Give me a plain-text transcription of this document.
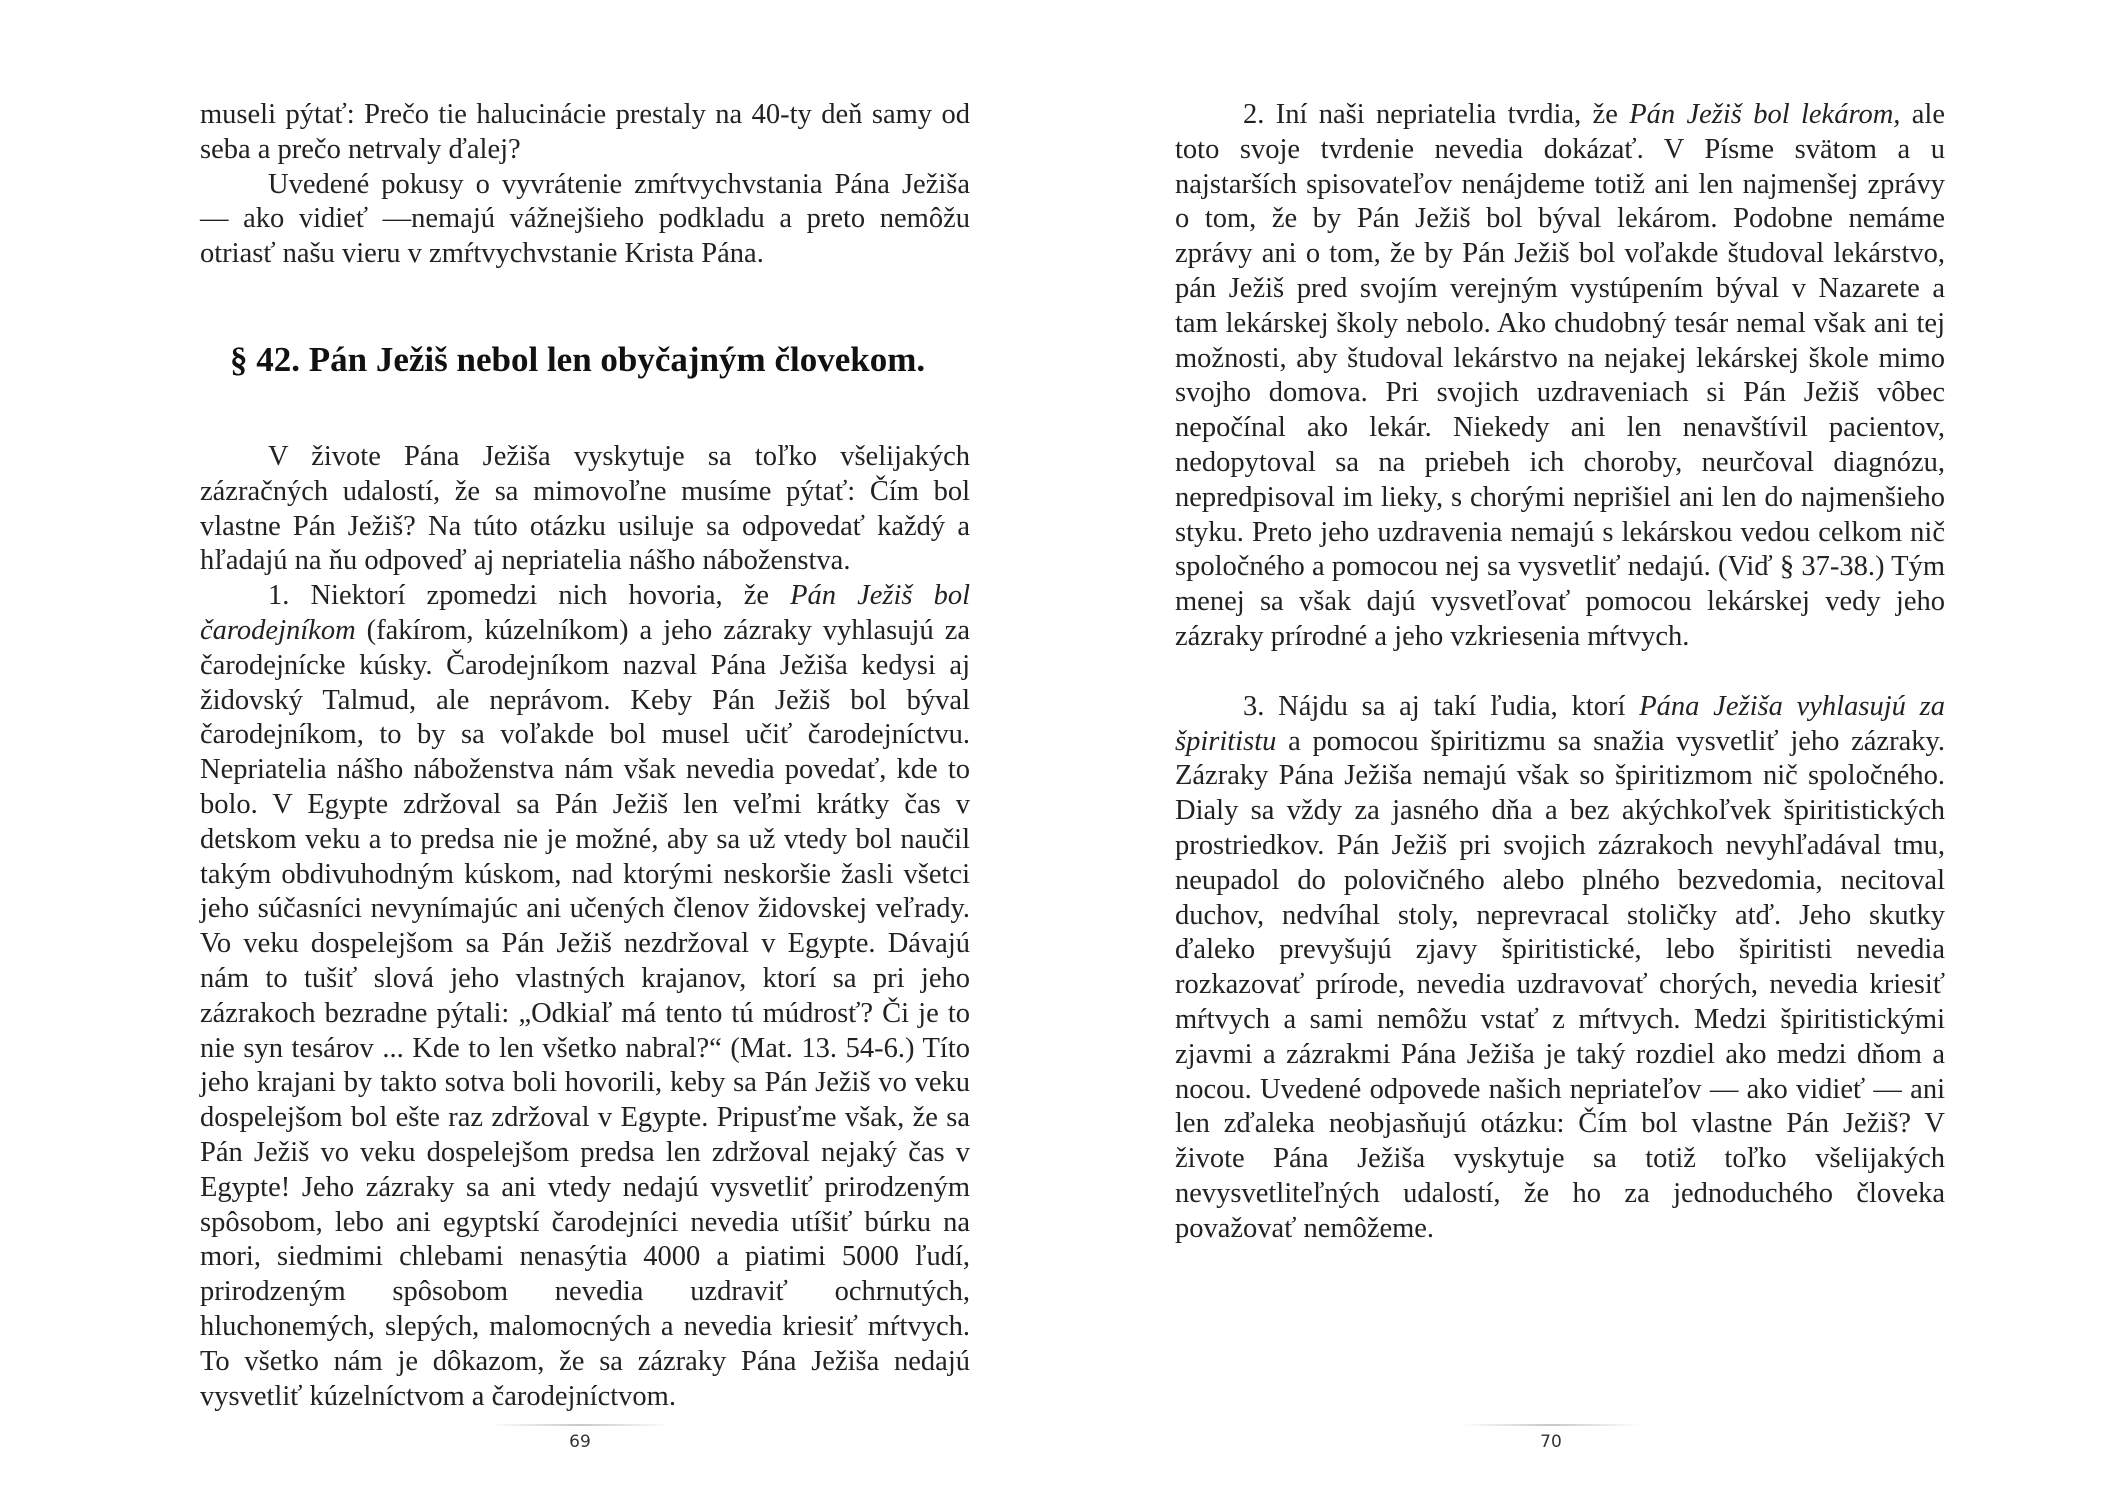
museli pýtať: Prečo tie halucinácie prestaly na 40-ty deň samy od seba a prečo netrvaly ďalej?

Uvedené pokusy o vyvrátenie zmŕtvychvstania Pána Ježiša — ako vidieť —nemajú vážnejšieho podkladu a preto nemôžu otriasť našu vieru v zmŕtvychvstanie Krista Pána.

§ 42. Pán Ježiš nebol len obyčajným človekom.

V živote Pána Ježiša vyskytuje sa toľko všelijakých zázračných udalostí, že sa mimovoľne musíme pýtať: Čím bol vlastne Pán Ježiš? Na túto otázku usiluje sa odpovedať každý a hľadajú na ňu odpoveď aj nepriatelia nášho náboženstva.

1. Niektorí zpomedzi nich hovoria, že Pán Ježiš bol čarodejníkom (fakírom, kúzelníkom) a jeho zázraky vyhlasujú za čarodejnícke kúsky. Čarodejníkom nazval Pána Ježiša kedysi aj židovský Talmud, ale neprávom. Keby Pán Ježiš bol býval čarodejníkom, to by sa voľakde bol musel učiť čarodejníctvu. Nepriatelia nášho náboženstva nám však nevedia povedať, kde to bolo. V Egypte zdržoval sa Pán Ježiš len veľmi krátky čas v detskom veku a to predsa nie je možné, aby sa už vtedy bol naučil takým obdivuhodným kúskom, nad ktorými neskoršie žasli všetci jeho súčasníci nevynímajúc ani učených členov židovskej veľrady. Vo veku dospelejšom sa Pán Ježiš nezdržoval v Egypte. Dávajú nám to tušiť slová jeho vlastných krajanov, ktorí sa pri jeho zázrakoch bezradne pýtali: „Odkiaľ má tento tú múdrosť? Či je to nie syn tesárov ... Kde to len všetko nabral?“ (Mat. 13. 54-6.) Títo jeho krajani by takto sotva boli hovorili, keby sa Pán Ježiš vo veku dospelejšom bol ešte raz zdržoval v Egypte. Pripusťme však, že sa Pán Ježiš vo veku dospelejšom predsa len zdržoval nejaký čas v Egypte! Jeho zázraky sa ani vtedy nedajú vysvetliť prirodzeným spôsobom, lebo ani egyptskí čarodejníci nevedia utíšiť búrku na mori, siedmimi chlebami nenasýtia 4000 a piatimi 5000 ľudí, prirodzeným spôsobom nevedia uzdraviť ochrnutých, hluchonemých, slepých, malomocných a nevedia kriesiť mŕtvych. To všetko nám je dôkazom, že sa zázraky Pána Ježiša nedajú vysvetliť kúzelníctvom a čarodejníctvom.

69

2. Iní naši nepriatelia tvrdia, že Pán Ježiš bol lekárom, ale toto svoje tvrdenie nevedia dokázať. V Písme svätom a u najstarších spisovateľov nenájdeme totiž ani len najmenšej zprávy o tom, že by Pán Ježiš bol býval lekárom. Podobne nemáme zprávy ani o tom, že by Pán Ježiš bol voľakde študoval lekárstvo, pán Ježiš pred svojím verejným vystúpením býval v Nazarete a tam lekárskej školy nebolo. Ako chudobný tesár nemal však ani tej možnosti, aby študoval lekárstvo na nejakej lekárskej škole mimo svojho domova. Pri svojich uzdraveniach si Pán Ježiš vôbec nepočínal ako lekár. Niekedy ani len nenavštívil pacientov, nedopytoval sa na priebeh ich choroby, neurčoval diagnózu, nepredpisoval im lieky, s chorými neprišiel ani len do najmenšieho styku. Preto jeho uzdravenia nemajú s lekárskou vedou celkom nič spoločného a pomocou nej sa vysvetliť nedajú. (Viď § 37-38.) Tým menej sa však dajú vysvetľovať pomocou lekárskej vedy jeho zázraky prírodné a jeho vzkriesenia mŕtvych.

3. Nájdu sa aj takí ľudia, ktorí Pána Ježiša vyhlasujú za špiritistu a pomocou špiritizmu sa snažia vysvetliť jeho zázraky. Zázraky Pána Ježiša nemajú však so špiritizmom nič spoločného. Dialy sa vždy za jasného dňa a bez akýchkoľvek špiritistických prostriedkov. Pán Ježiš pri svojich zázrakoch nevyhľadával tmu, neupadol do polovičného alebo plného bezvedomia, necitoval duchov, nedvíhal stoly, neprevracal stoličky atď. Jeho skutky ďaleko prevyšujú zjavy špiritistické, lebo špiritisti nevedia rozkazovať prírode, nevedia uzdravovať chorých, nevedia kriesiť mŕtvych a sami nemôžu vstať z mŕtvych. Medzi špiritistickými zjavmi a zázrakmi Pána Ježiša je taký rozdiel ako medzi dňom a nocou. Uvedené odpovede našich nepriateľov — ako vidieť — ani len zďaleka neobjasňujú otázku: Čím bol vlastne Pán Ježiš? V živote Pána Ježiša vyskytuje sa totiž toľko všelijakých nevysvetliteľných udalostí, že ho za jednoduchého človeka považovať nemôžeme.

70
